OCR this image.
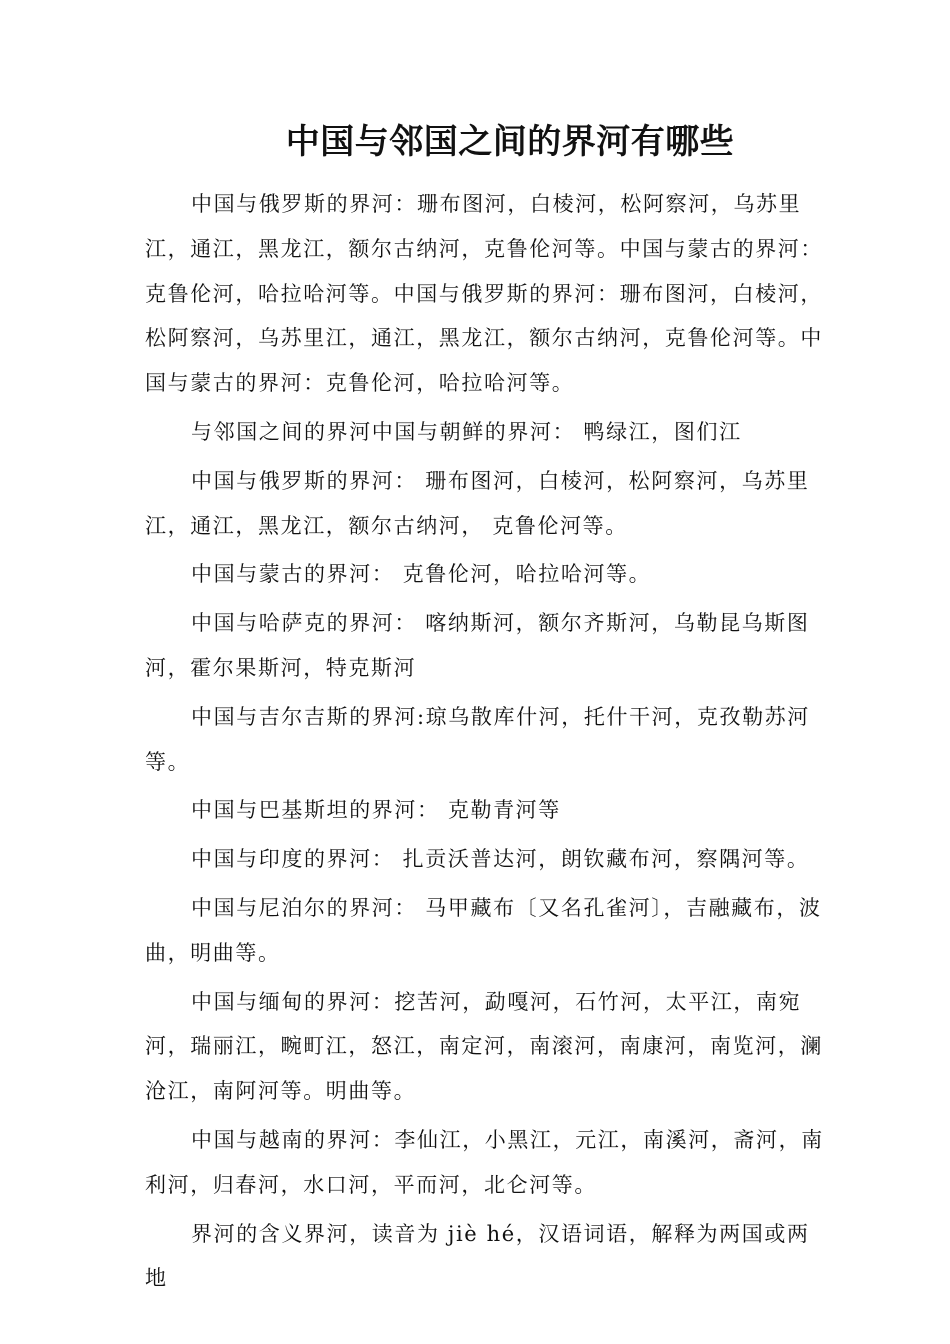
中国与邻国之间的界河有哪些

中国与俄罗斯的界河：珊布图河，白棱河，松阿察河，乌苏里江，通江，黑龙江，额尔古纳河，克鲁伦河等。中国与蒙古的界河：克鲁伦河，哈拉哈河等。中国与俄罗斯的界河：珊布图河，白棱河，松阿察河，乌苏里江，通江，黑龙江，额尔古纳河，克鲁伦河等。中国与蒙古的界河：克鲁伦河，哈拉哈河等。

与邻国之间的界河中国与朝鲜的界河： 鸭绿江，图们江

中国与俄罗斯的界河： 珊布图河，白棱河，松阿察河，乌苏里江，通江，黑龙江，额尔古纳河， 克鲁伦河等。

中国与蒙古的界河： 克鲁伦河，哈拉哈河等。

中国与哈萨克的界河： 喀纳斯河，额尔齐斯河，乌勒昆乌斯图河，霍尔果斯河，特克斯河

中国与吉尔吉斯的界河:琼乌散库什河，托什干河，克孜勒苏河等。

中国与巴基斯坦的界河： 克勒青河等

中国与印度的界河： 扎贡沃普达河，朗钦藏布河，察隅河等。

中国与尼泊尔的界河： 马甲藏布〔又名孔雀河〕，吉融藏布，波曲，明曲等。

中国与缅甸的界河：挖苦河，勐嘎河，石竹河，太平江，南宛河，瑞丽江，畹町江，怒江，南定河，南滚河，南康河，南览河，澜沧江，南阿河等。明曲等。

中国与越南的界河：李仙江，小黑江，元江，南溪河，斋河，南利河，归春河，水口河，平而河，北仑河等。

界河的含义界河，读音为 jiè hé，汉语词语，解释为两国或两地
